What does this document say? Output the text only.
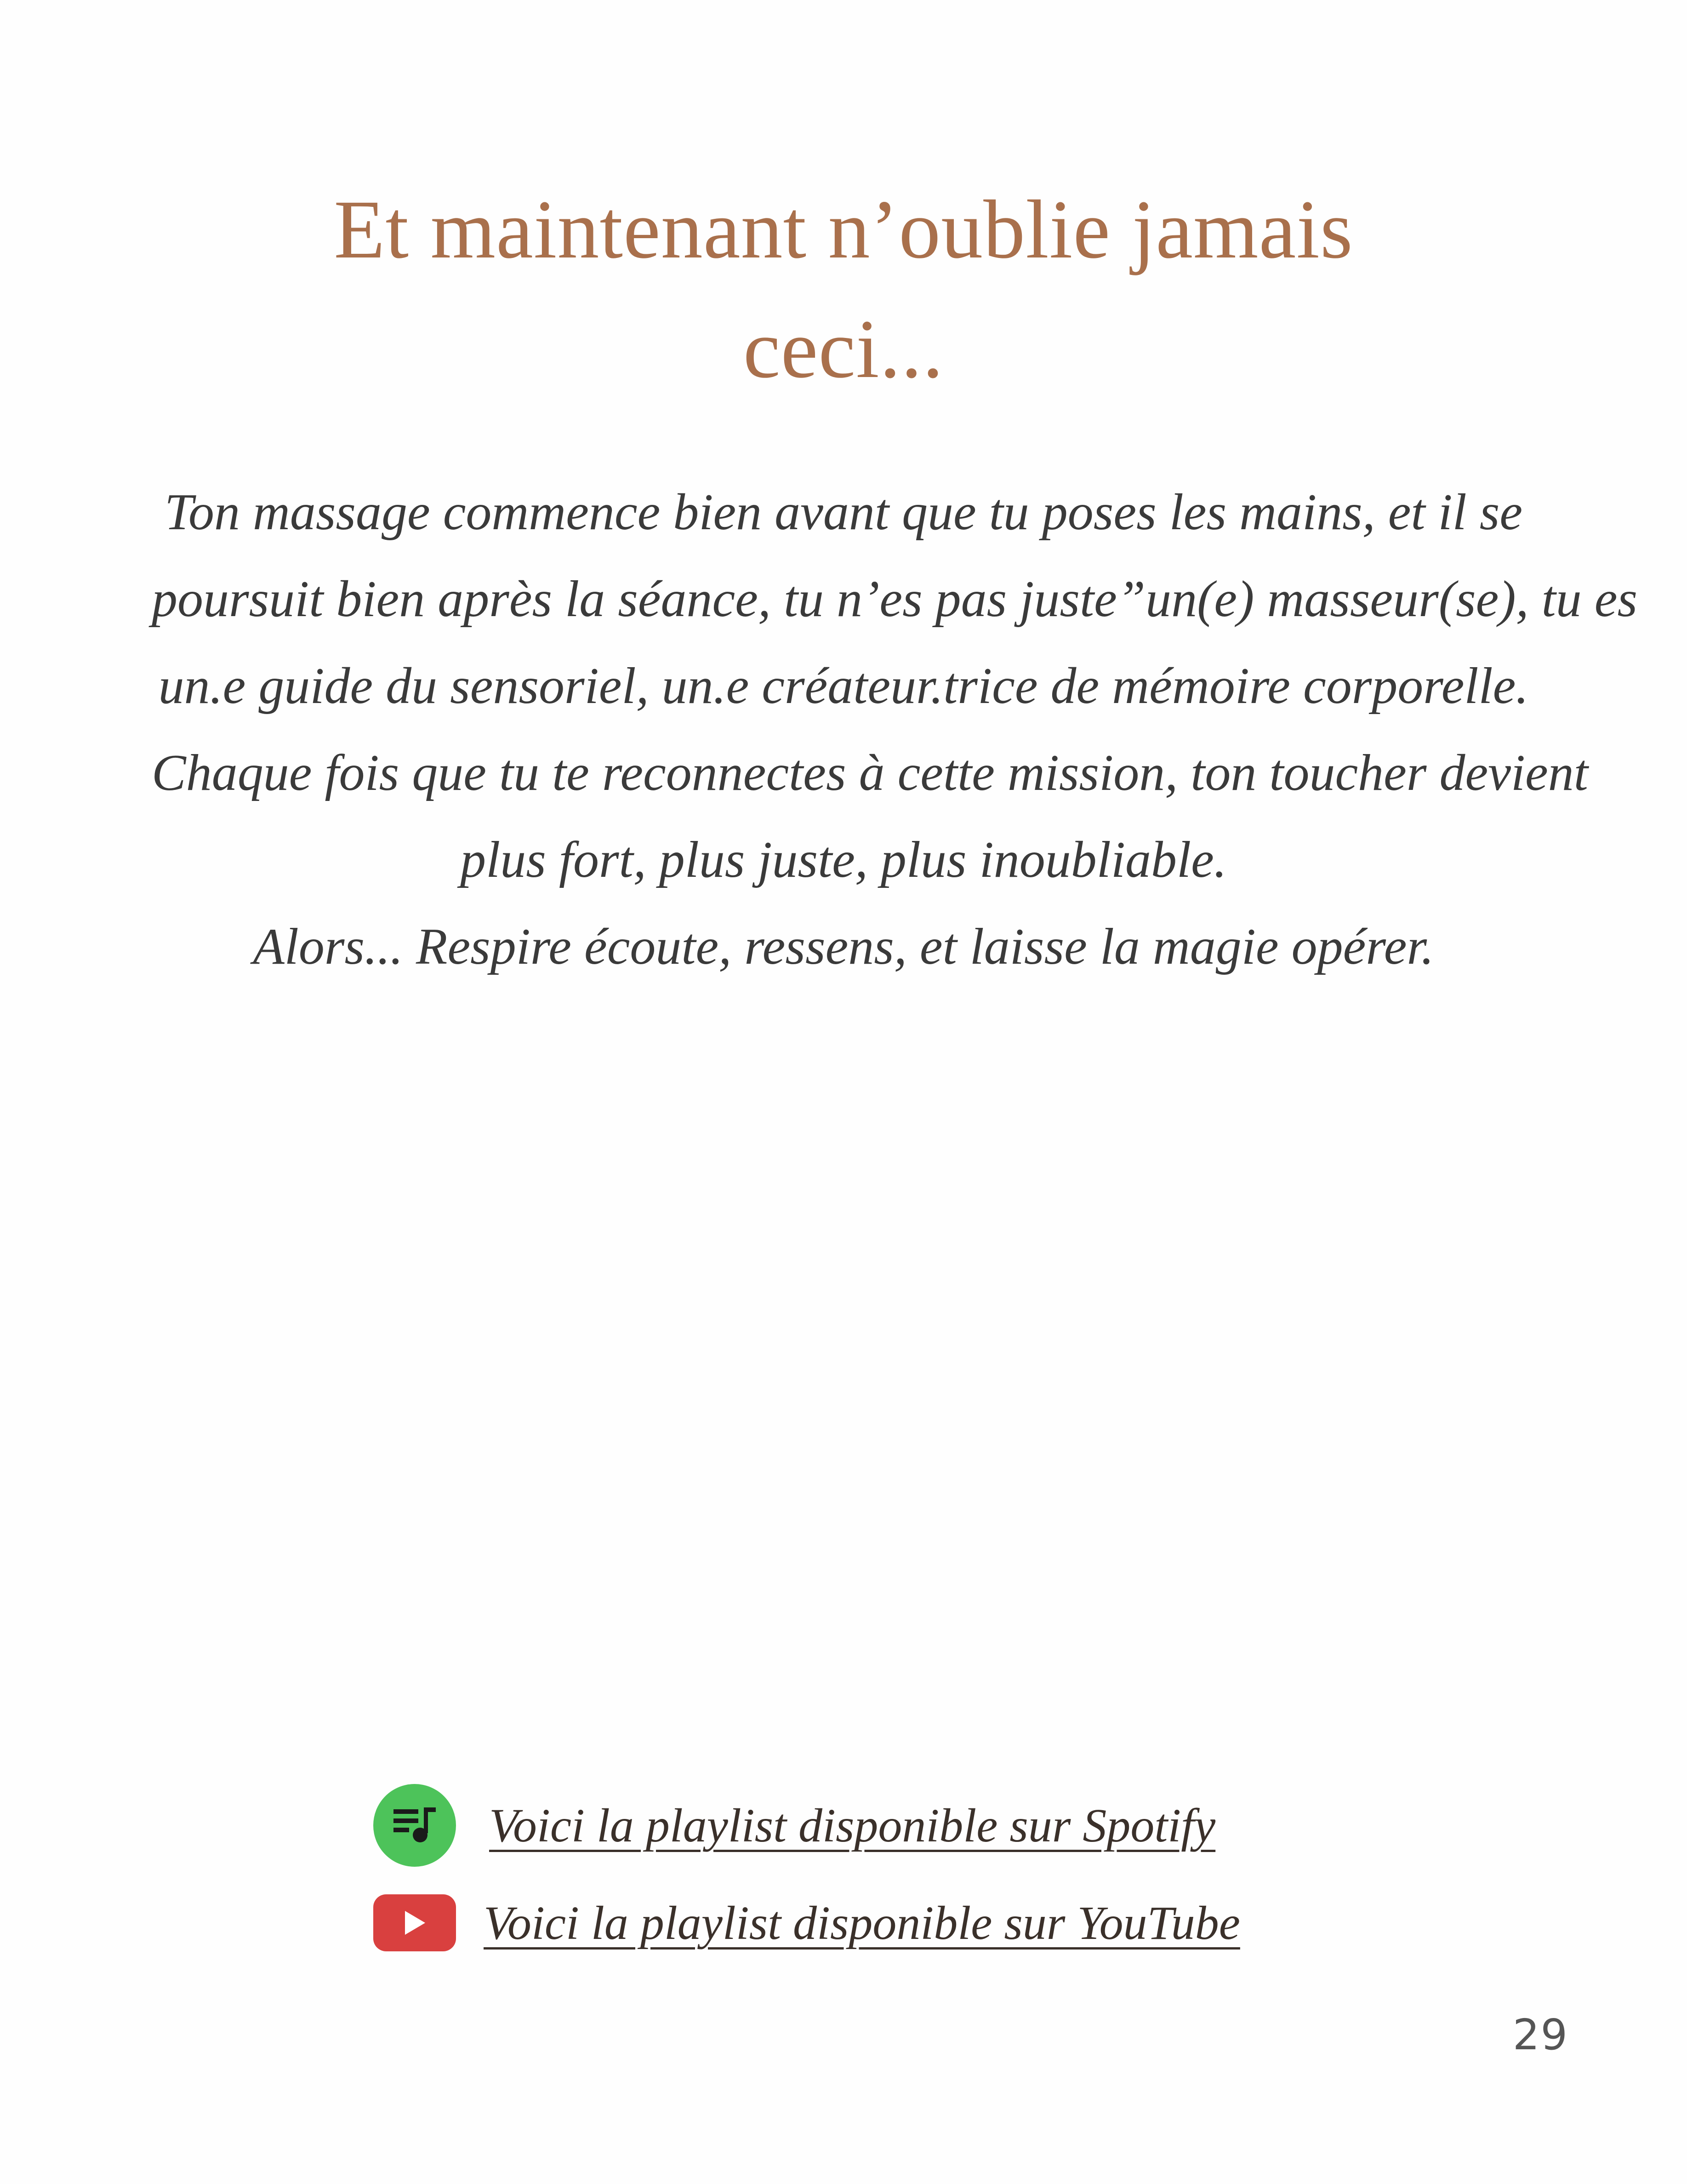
Et maintenant n’oublie jamais
ceci...
Ton massage commence bien avant que tu poses les mains, et il se
poursuit bien après la séance, tu n’es pas juste”un(e) masseur(se), tu es
un.e guide du sensoriel, un.e créateur.trice de mémoire corporelle.
Chaque fois que tu te reconnectes à cette mission, ton toucher devient
plus fort, plus juste, plus inoubliable.
Alors... Respire écoute, ressens, et laisse la magie opérer.
Voici la playlist disponible sur Spotify
Voici la playlist disponible sur YouTube
29
